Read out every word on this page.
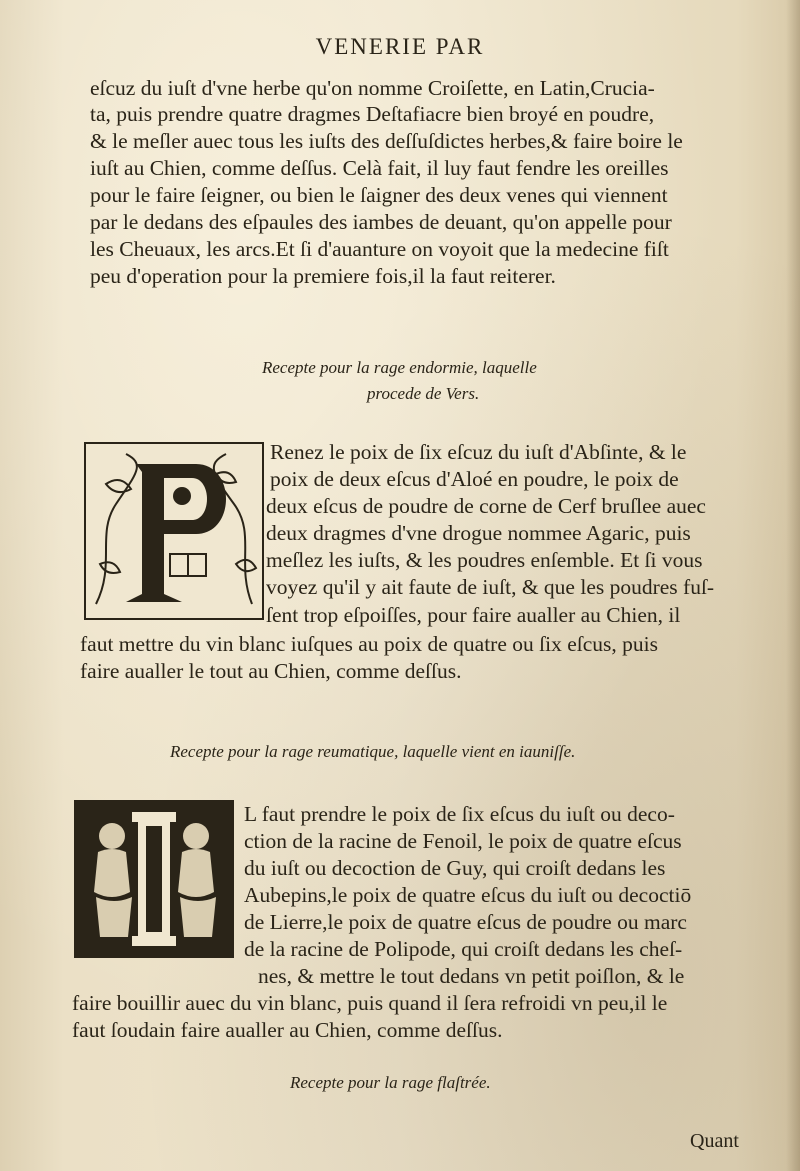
VENERIE PAR
eſcuz du iuſt d'vne herbe qu'on nomme Croiſette, en Latin,Crucia-
ta, puis prendre quatre dragmes Deſtafiacre bien broyé en poudre,
& le meſler auec tous les iuſts des deſſuſdictes herbes,& faire boire le
iuſt au Chien, comme deſſus. Celà fait, il luy faut fendre les oreilles
pour le faire ſeigner, ou bien le ſaigner des deux venes qui viennent
par le dedans des eſpaules des iambes de deuant, qu'on appelle pour
les Cheuaux, les arcs.Et ſi d'auanture on voyoit que la medecine fiſt
peu d'operation pour la premiere fois,il la faut reiterer.
Recepte pour la rage endormie, laquelle
procede de Vers.
Renez le poix de ſix eſcuz du iuſt d'Abſinte, & le
poix de deux eſcus d'Aloé en poudre, le poix de
deux eſcus de poudre de corne de Cerf bruſlee auec
deux dragmes d'vne drogue nommee Agaric, puis
meſlez les iuſts, & les poudres enſemble. Et ſi vous
voyez qu'il y ait faute de iuſt, & que les poudres fuſ-
ſent trop eſpoiſſes, pour faire aualler au Chien, il
faut mettre du vin blanc iuſques au poix de quatre ou ſix eſcus, puis
faire aualler le tout au Chien, comme deſſus.
Recepte pour la rage reumatique, laquelle vient en iauniſſe.
L faut prendre le poix de ſix eſcus du iuſt ou deco-
ction de la racine de Fenoil, le poix de quatre eſcus
du iuſt ou decoction de Guy, qui croiſt dedans les
Aubepins,le poix de quatre eſcus du iuſt ou decoctiō
de Lierre,le poix de quatre eſcus de poudre ou marc
de la racine de Polipode, qui croiſt dedans les cheſ-
nes, & mettre le tout dedans vn petit poiſlon, & le
faire bouillir auec du vin blanc, puis quand il ſera refroidi vn peu,il le
faut ſoudain faire aualler au Chien, comme deſſus.
Recepte pour la rage flaſtrée.
Quant
